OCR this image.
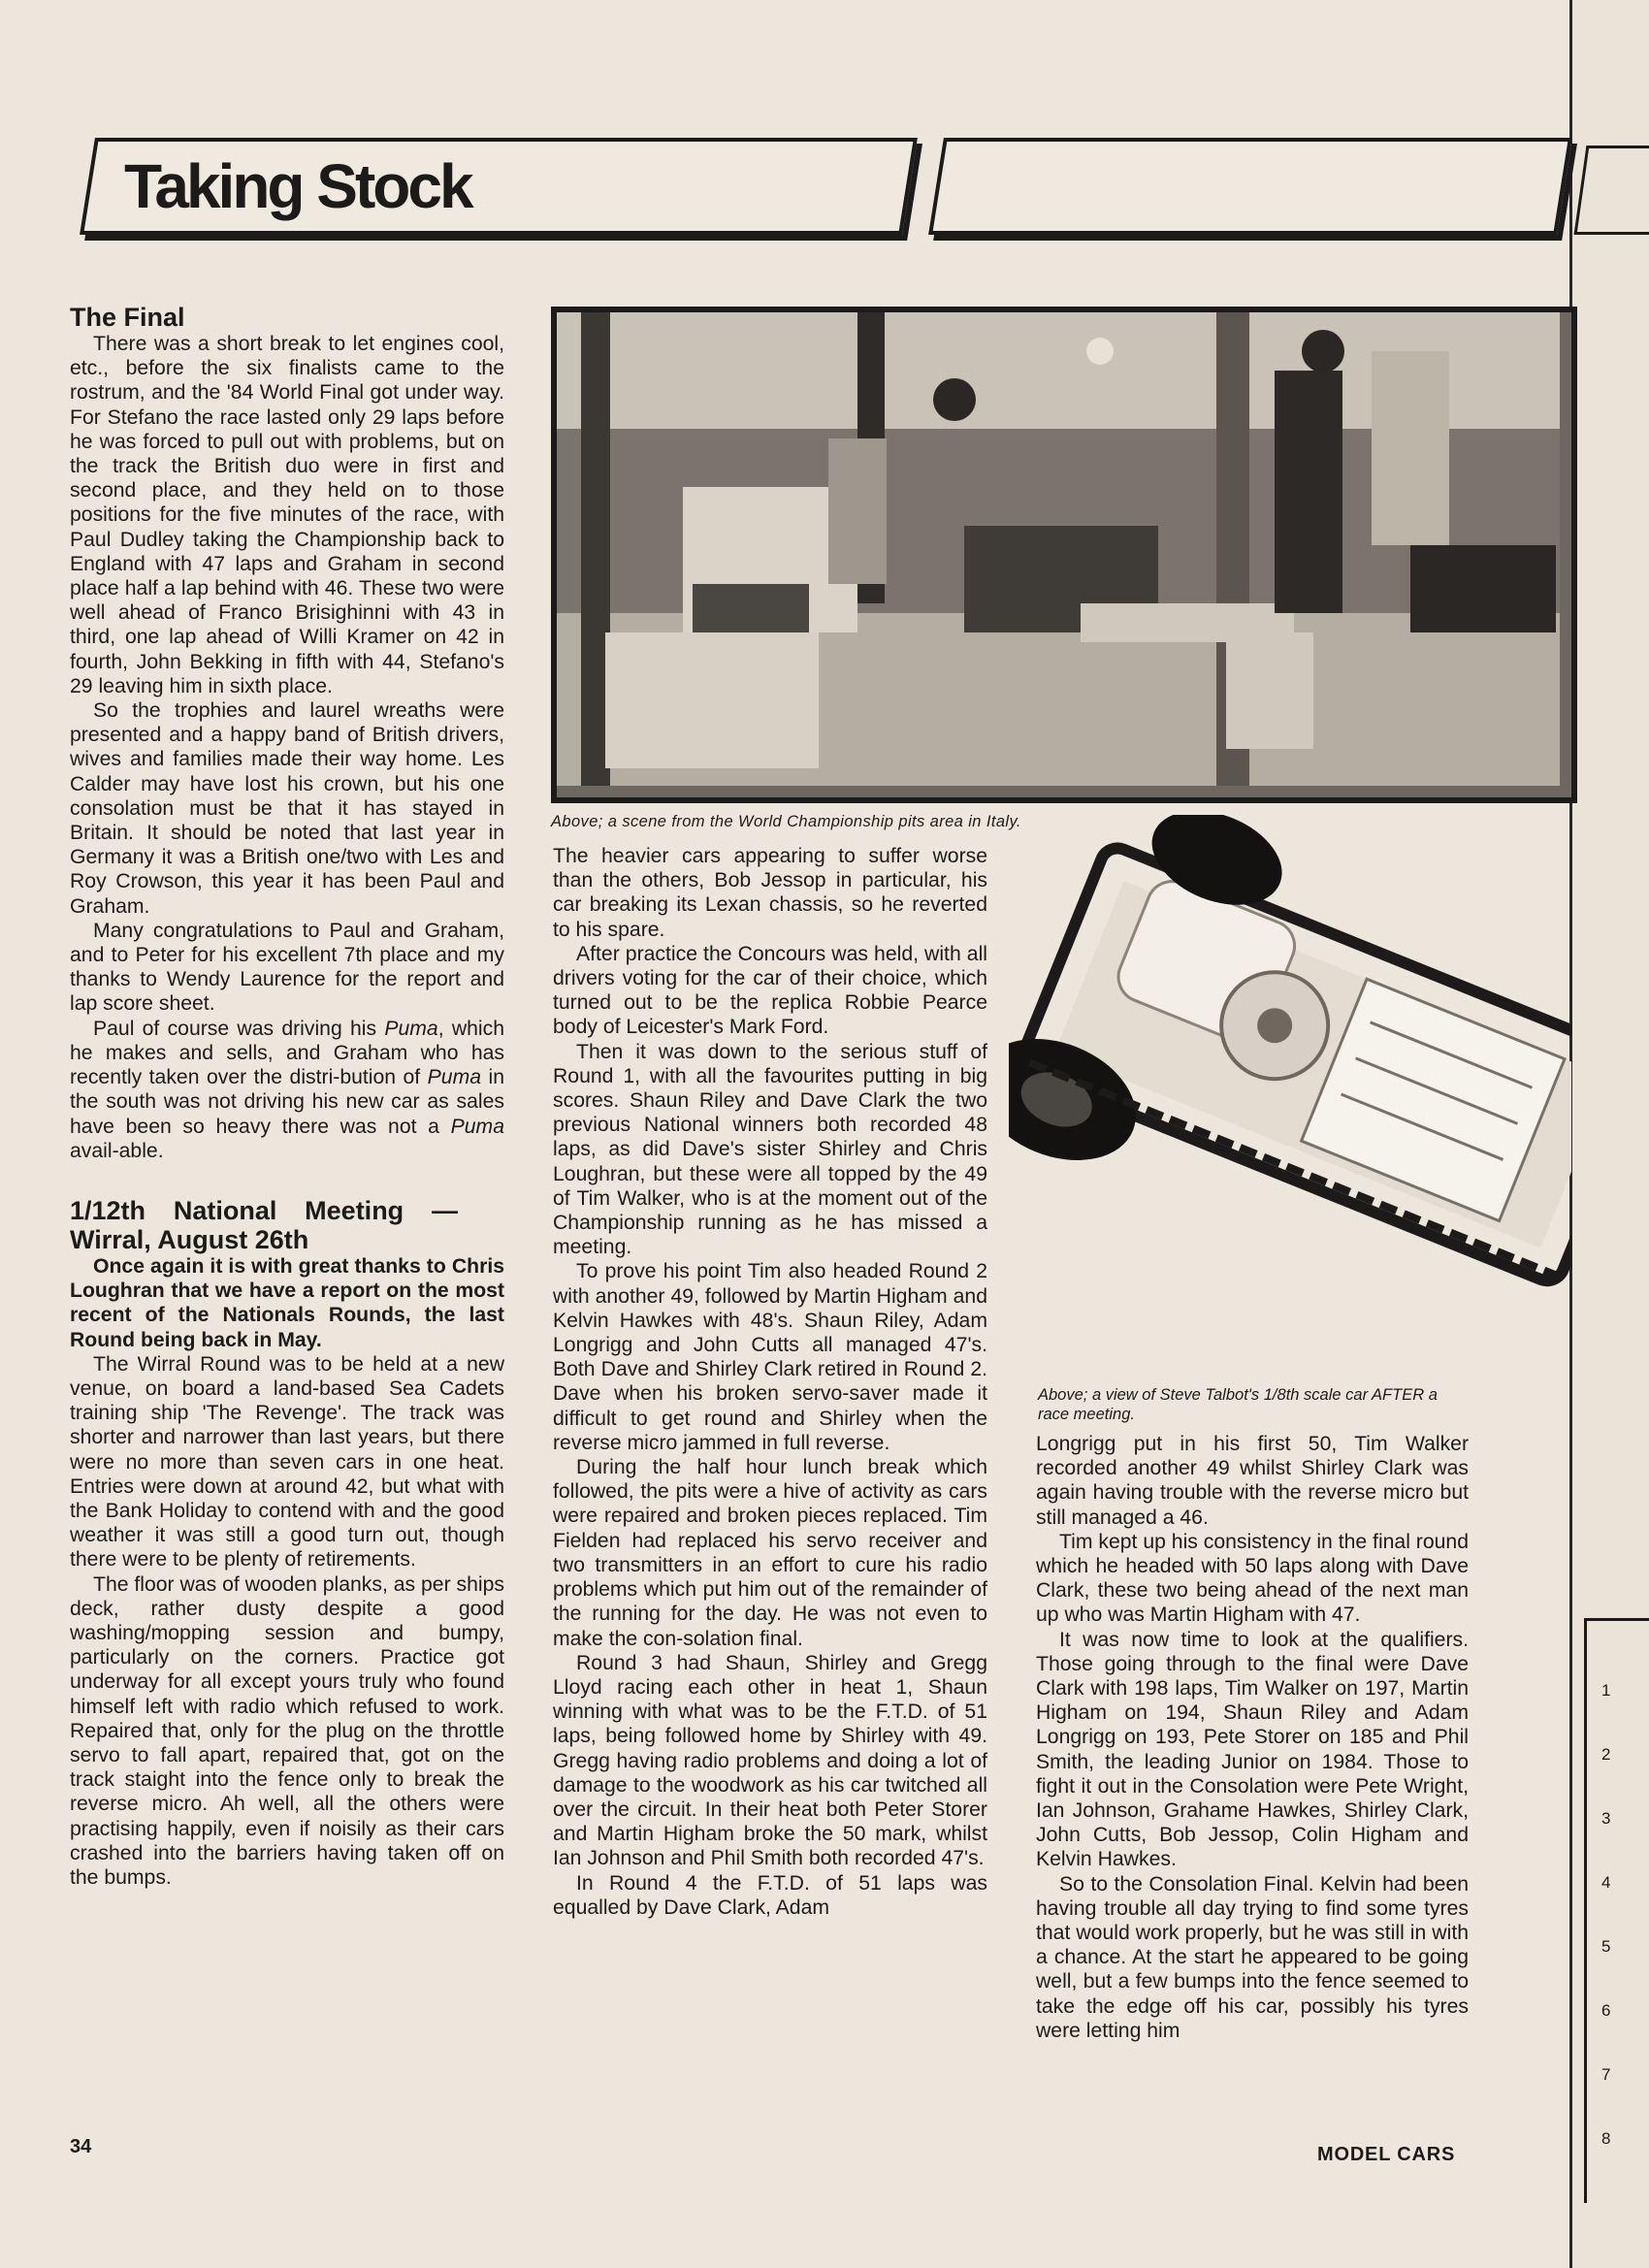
1
2
3
4
5
6
7
8
Taking Stock
The Final

There was a short break to let engines cool, etc., before the six finalists came to the rostrum, and the '84 World Final got under way. For Stefano the race lasted only 29 laps before he was forced to pull out with problems, but on the track the British duo were in first and second place, and they held on to those positions for the five minutes of the race, with Paul Dudley taking the Championship back to England with 47 laps and Graham in second place half a lap behind with 46. These two were well ahead of Franco Brisighinni with 43 in third, one lap ahead of Willi Kramer on 42 in fourth, John Bekking in fifth with 44, Stefano's 29 leaving him in sixth place.

So the trophies and laurel wreaths were presented and a happy band of British drivers, wives and families made their way home. Les Calder may have lost his crown, but his one consolation must be that it has stayed in Britain. It should be noted that last year in Germany it was a British one/two with Les and Roy Crowson, this year it has been Paul and Graham.

Many congratulations to Paul and Graham, and to Peter for his excellent 7th place and my thanks to Wendy Laurence for the report and lap score sheet.

Paul of course was driving his Puma, which he makes and sells, and Graham who has recently taken over the distri-bution of Puma in the south was not driving his new car as sales have been so heavy there was not a Puma avail-able.

1/12th National Meeting — Wirral, August 26th

Once again it is with great thanks to Chris Loughran that we have a report on the most recent of the Nationals Rounds, the last Round being back in May.

The Wirral Round was to be held at a new venue, on board a land-based Sea Cadets training ship 'The Revenge'. The track was shorter and narrower than last years, but there were no more than seven cars in one heat. Entries were down at around 42, but what with the Bank Holiday to contend with and the good weather it was still a good turn out, though there were to be plenty of retirements.

The floor was of wooden planks, as per ships deck, rather dusty despite a good washing/mopping session and bumpy, particularly on the corners. Practice got underway for all except yours truly who found himself left with radio which refused to work. Repaired that, only for the plug on the throttle servo to fall apart, repaired that, got on the track staight into the fence only to break the reverse micro. Ah well, all the others were practising happily, even if noisily as their cars crashed into the barriers having taken off on the bumps.

Above; a scene from the World Championship pits area in Italy.

The heavier cars appearing to suffer worse than the others, Bob Jessop in particular, his car breaking its Lexan chassis, so he reverted to his spare.

After practice the Concours was held, with all drivers voting for the car of their choice, which turned out to be the replica Robbie Pearce body of Leicester's Mark Ford.

Then it was down to the serious stuff of Round 1, with all the favourites putting in big scores. Shaun Riley and Dave Clark the two previous National winners both recorded 48 laps, as did Dave's sister Shirley and Chris Loughran, but these were all topped by the 49 of Tim Walker, who is at the moment out of the Championship running as he has missed a meeting.

To prove his point Tim also headed Round 2 with another 49, followed by Martin Higham and Kelvin Hawkes with 48's. Shaun Riley, Adam Longrigg and John Cutts all managed 47's. Both Dave and Shirley Clark retired in Round 2. Dave when his broken servo-saver made it difficult to get round and Shirley when the reverse micro jammed in full reverse.

During the half hour lunch break which followed, the pits were a hive of activity as cars were repaired and broken pieces replaced. Tim Fielden had replaced his servo receiver and two transmitters in an effort to cure his radio problems which put him out of the remainder of the running for the day. He was not even to make the con-solation final.

Round 3 had Shaun, Shirley and Gregg Lloyd racing each other in heat 1, Shaun winning with what was to be the F.T.D. of 51 laps, being followed home by Shirley with 49. Gregg having radio problems and doing a lot of damage to the woodwork as his car twitched all over the circuit. In their heat both Peter Storer and Martin Higham broke the 50 mark, whilst Ian Johnson and Phil Smith both recorded 47's.

In Round 4 the F.T.D. of 51 laps was equalled by Dave Clark, Adam

Above; a view of Steve Talbot's 1/8th scale car AFTER a race meeting.

Longrigg put in his first 50, Tim Walker recorded another 49 whilst Shirley Clark was again having trouble with the reverse micro but still managed a 46.

Tim kept up his consistency in the final round which he headed with 50 laps along with Dave Clark, these two being ahead of the next man up who was Martin Higham with 47.

It was now time to look at the qualifiers. Those going through to the final were Dave Clark with 198 laps, Tim Walker on 197, Martin Higham on 194, Shaun Riley and Adam Longrigg on 193, Pete Storer on 185 and Phil Smith, the leading Junior on 1984. Those to fight it out in the Consolation were Pete Wright, Ian Johnson, Grahame Hawkes, Shirley Clark, John Cutts, Bob Jessop, Colin Higham and Kelvin Hawkes.

So to the Consolation Final. Kelvin had been having trouble all day trying to find some tyres that would work properly, but he was still in with a chance. At the start he appeared to be going well, but a few bumps into the fence seemed to take the edge off his car, possibly his tyres were letting him

34	MODEL CARS
